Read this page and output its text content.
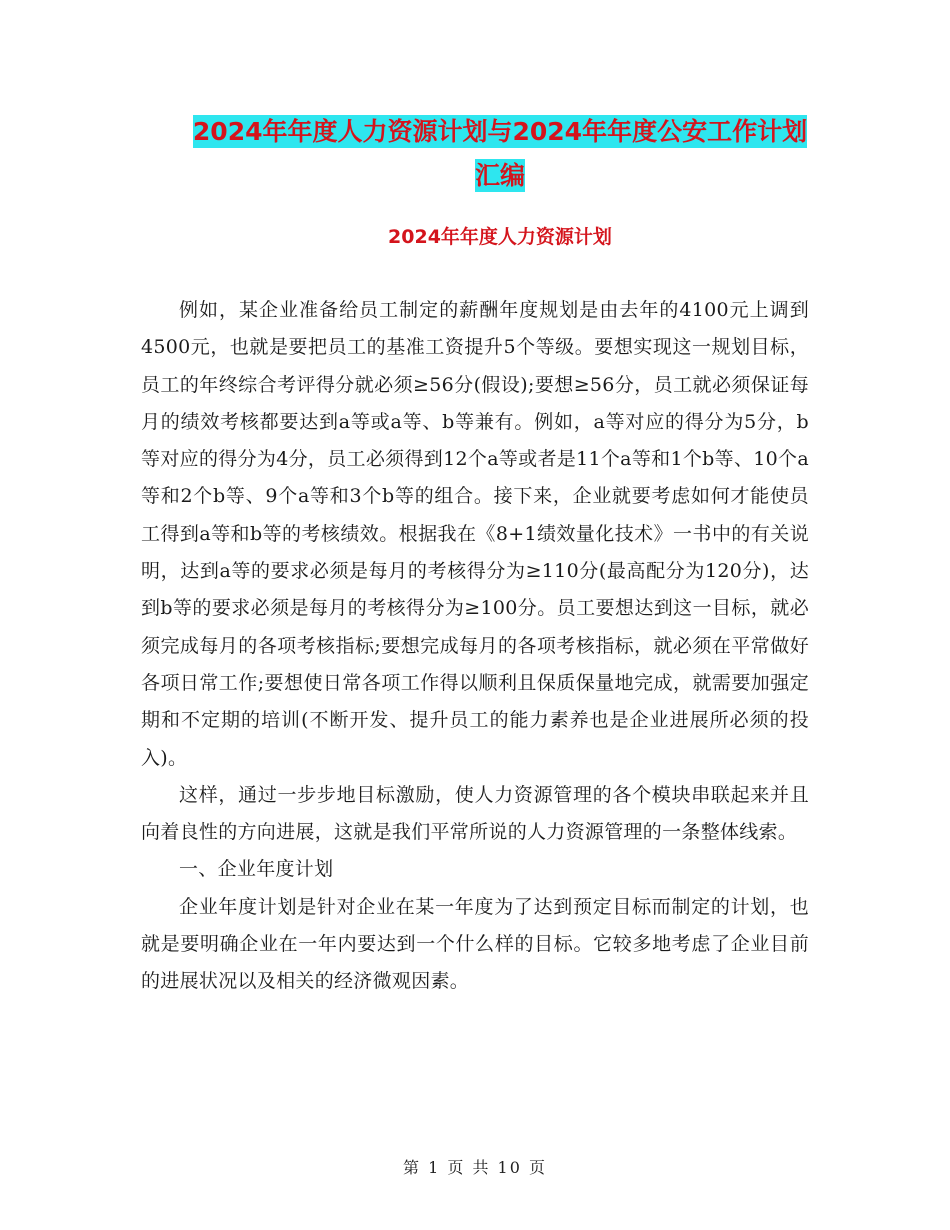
2024年年度人力资源计划与2024年年度公安工作计划
汇编
2024年年度人力资源计划

例如，某企业准备给员工制定的薪酬年度规划是由去年的4100元上调到4500元，也就是要把员工的基准工资提升5个等级。要想实现这一规划目标，员工的年终综合考评得分就必须≥56分(假设);要想≥56分，员工就必须保证每月的绩效考核都要达到a等或a等、b等兼有。例如，a等对应的得分为5分，b等对应的得分为4分，员工必须得到12个a等或者是11个a等和1个b等、10个a等和2个b等、9个a等和3个b等的组合。接下来，企业就要考虑如何才能使员工得到a等和b等的考核绩效。根据我在《8+1绩效量化技术》一书中的有关说明，达到a等的要求必须是每月的考核得分为≥110分(最高配分为120分)，达到b等的要求必须是每月的考核得分为≥100分。员工要想达到这一目标，就必须完成每月的各项考核指标;要想完成每月的各项考核指标，就必须在平常做好各项日常工作;要想使日常各项工作得以顺利且保质保量地完成，就需要加强定期和不定期的培训(不断开发、提升员工的能力素养也是企业进展所必须的投入)。

这样，通过一步步地目标激励，使人力资源管理的各个模块串联起来并且向着良性的方向进展，这就是我们平常所说的人力资源管理的一条整体线索。

一、企业年度计划

企业年度计划是针对企业在某一年度为了达到预定目标而制定的计划，也就是要明确企业在一年内要达到一个什么样的目标。它较多地考虑了企业目前的进展状况以及相关的经济微观因素。

第 1 页 共 10 页
